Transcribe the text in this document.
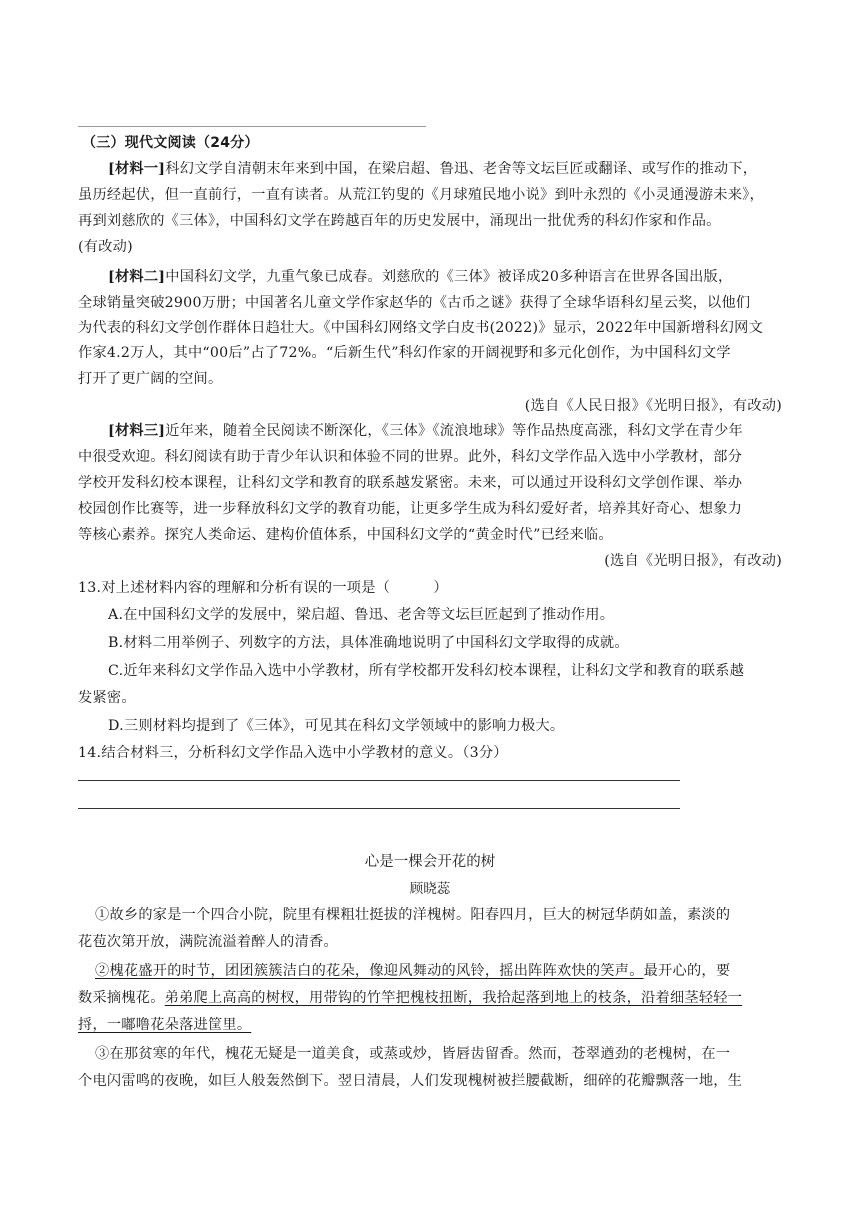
（三）现代文阅读（24分）
[材料一]科幻文学自清朝末年来到中国，在梁启超、鲁迅、老舍等文坛巨匠或翻译、或写作的推动下，
虽历经起伏，但一直前行，一直有读者。从荒江钓叟的《月球殖民地小说》到叶永烈的《小灵通漫游未来》，
再到刘慈欣的《三体》，中国科幻文学在跨越百年的历史发展中，涌现出一批优秀的科幻作家和作品。
(有改动)
[材料二]中国科幻文学，九重气象已成春。刘慈欣的《三体》被译成20多种语言在世界各国出版，
全球销量突破2900万册；中国著名儿童文学作家赵华的《古币之谜》获得了全球华语科幻星云奖，以他们
为代表的科幻文学创作群体日趋壮大。《中国科幻网络文学白皮书(2022)》显示，2022年中国新增科幻网文
作家4.2万人，其中“00后”占了72%。“后新生代”科幻作家的开阔视野和多元化创作，为中国科幻文学
打开了更广阔的空间。
(选自《人民日报》《光明日报》，有改动)
[材料三]近年来，随着全民阅读不断深化，《三体》《流浪地球》等作品热度高涨，科幻文学在青少年
中很受欢迎。科幻阅读有助于青少年认识和体验不同的世界。此外，科幻文学作品入选中小学教材，部分
学校开发科幻校本课程，让科幻文学和教育的联系越发紧密。未来，可以通过开设科幻文学创作课、举办
校园创作比赛等，进一步释放科幻文学的教育功能，让更多学生成为科幻爱好者，培养其好奇心、想象力
等核心素养。探究人类命运、建构价值体系，中国科幻文学的“黄金时代”已经来临。
(选自《光明日报》，有改动)
13.对上述材料内容的理解和分析有误的一项是（　　　）
A.在中国科幻文学的发展中，梁启超、鲁迅、老舍等文坛巨匠起到了推动作用。
B.材料二用举例子、列数字的方法，具体准确地说明了中国科幻文学取得的成就。
C.近年来科幻文学作品入选中小学教材，所有学校都开发科幻校本课程，让科幻文学和教育的联系越
发紧密。
D.三则材料均提到了《三体》，可见其在科幻文学领域中的影响力极大。
14.结合材料三，分析科幻文学作品入选中小学教材的意义。（3分）
心是一棵会开花的树
顾晓蕊
①故乡的家是一个四合小院，院里有棵粗壮挺拔的洋槐树。阳春四月，巨大的树冠华荫如盖，素淡的
花苞次第开放，满院流溢着醉人的清香。
②槐花盛开的时节，团团簇簇洁白的花朵，像迎风舞动的风铃，摇出阵阵欢快的笑声。最开心的，要
数采摘槐花。弟弟爬上高高的树杈，用带钩的竹竿把槐枝扭断，我拾起落到地上的枝条，沿着细茎轻轻一
捋，一嘟噜花朵落进筐里。
③在那贫寒的年代，槐花无疑是一道美食，或蒸或炒，皆唇齿留香。然而，苍翠遒劲的老槐树，在一
个电闪雷鸣的夜晚，如巨人般轰然倒下。翌日清晨，人们发现槐树被拦腰截断，细碎的花瓣飘落一地，生
